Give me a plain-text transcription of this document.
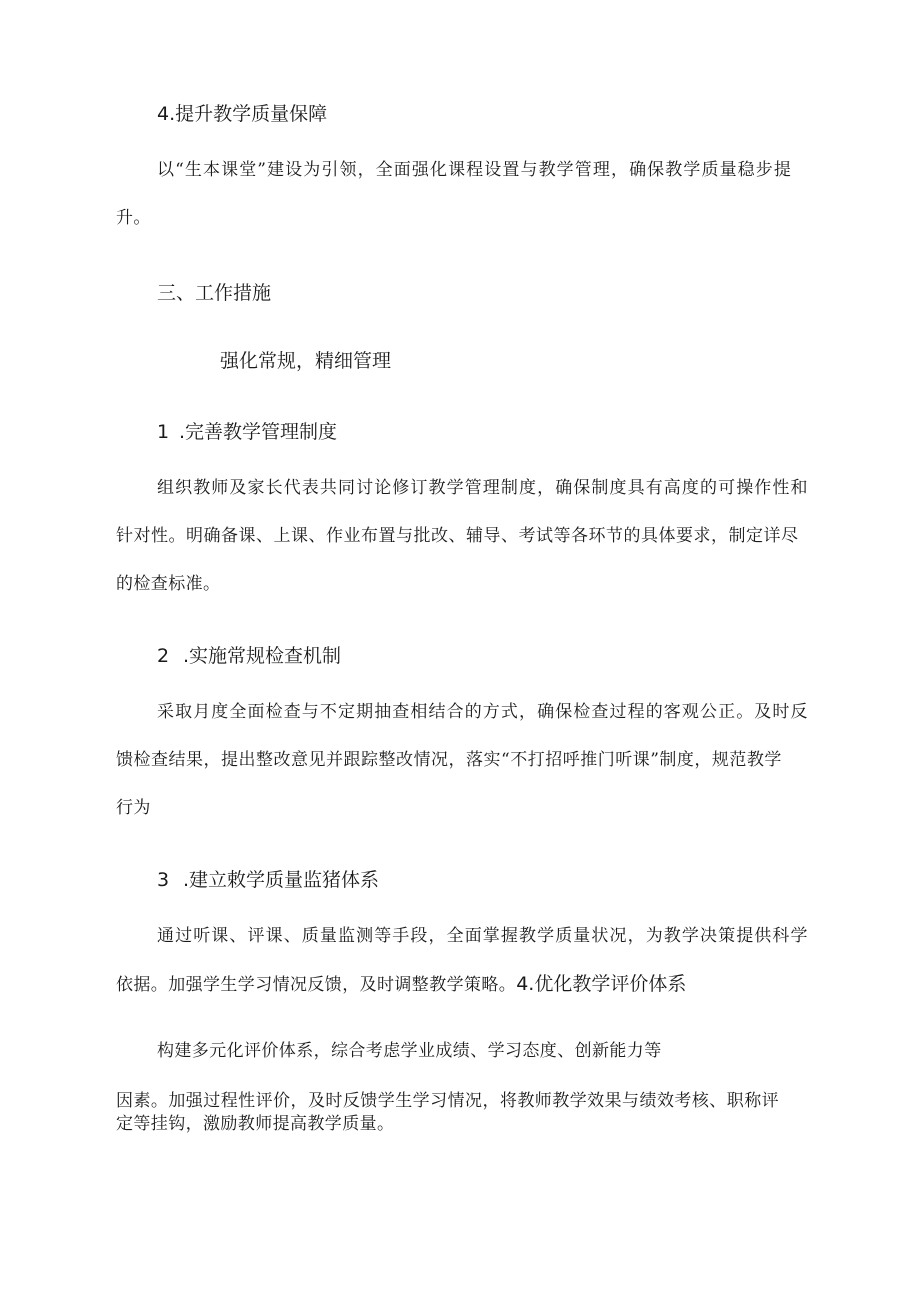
4.提升教学质量保障
以“生本课堂”建设为引领，全面强化课程设置与教学管理，确保教学质量稳步提
升。
三、工作措施
强化常规，精细管理
1 .完善教学管理制度
组织教师及家长代表共同讨论修订教学管理制度，确保制度具有高度的可操作性和
针对性。明确备课、上课、作业布置与批改、辅导、考试等各环节的具体要求，制定详尽
的检查标准。
2 .实施常规检查机制
采取月度全面检查与不定期抽查相结合的方式，确保检查过程的客观公正。及时反
馈检查结果，提出整改意见并跟踪整改情况，落实“不打招呼推门听课”制度，规范教学
行为
3 .建立敕学质量监猪体系
通过听课、评课、质量监测等手段，全面掌握教学质量状况，为教学决策提供科学
依据。加强学生学习情况反馈，及时调整教学策略。4.优化教学评价体系
构建多元化评价体系，综合考虑学业成绩、学习态度、创新能力等
因素。加强过程性评价，及时反馈学生学习情况，将教师教学效果与绩效考核、职称评
定等挂钩，激励教师提高教学质量。
